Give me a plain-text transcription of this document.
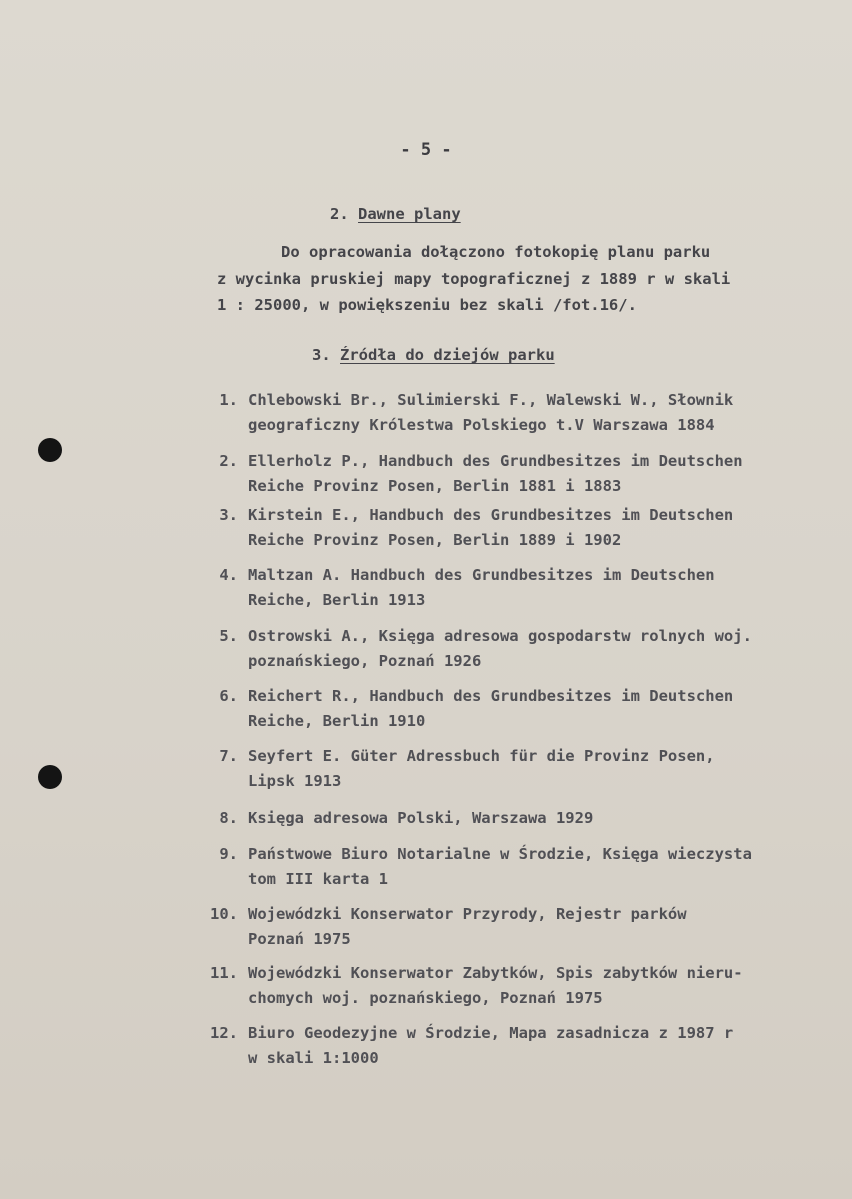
- 5 -
2. Dawne plany
Do opracowania dołączono fotokopię planu parku
z wycinka pruskiej mapy topograficznej z 1889 r w skali
1 : 25000, w powiększeniu bez skali /fot.16/.
3. Źródła do dziejów parku
1. Chlebowski Br., Sulimierski F., Walewski W., Słownik
geograficzny Królestwa Polskiego t.V Warszawa 1884
2. Ellerholz P., Handbuch des Grundbesitzes im Deutschen
Reiche Provinz Posen, Berlin 1881 i 1883
3. Kirstein E., Handbuch des Grundbesitzes im Deutschen
Reiche Provinz Posen, Berlin 1889 i 1902
4. Maltzan A. Handbuch des Grundbesitzes im Deutschen
Reiche, Berlin 1913
5. Ostrowski A., Księga adresowa gospodarstw rolnych woj.
poznańskiego, Poznań 1926
6. Reichert R., Handbuch des Grundbesitzes im Deutschen
Reiche, Berlin 1910
7. Seyfert E. Güter Adressbuch für die Provinz Posen,
Lipsk 1913
8. Księga adresowa Polski, Warszawa 1929
9. Państwowe Biuro Notarialne w Środzie, Księga wieczysta
tom III karta 1
10. Wojewódzki Konserwator Przyrody, Rejestr parków
Poznań 1975
11. Wojewódzki Konserwator Zabytków, Spis zabytków nieru-
chomych woj. poznańskiego, Poznań 1975
12. Biuro Geodezyjne w Środzie, Mapa zasadnicza z 1987 r
w skali 1:1000
